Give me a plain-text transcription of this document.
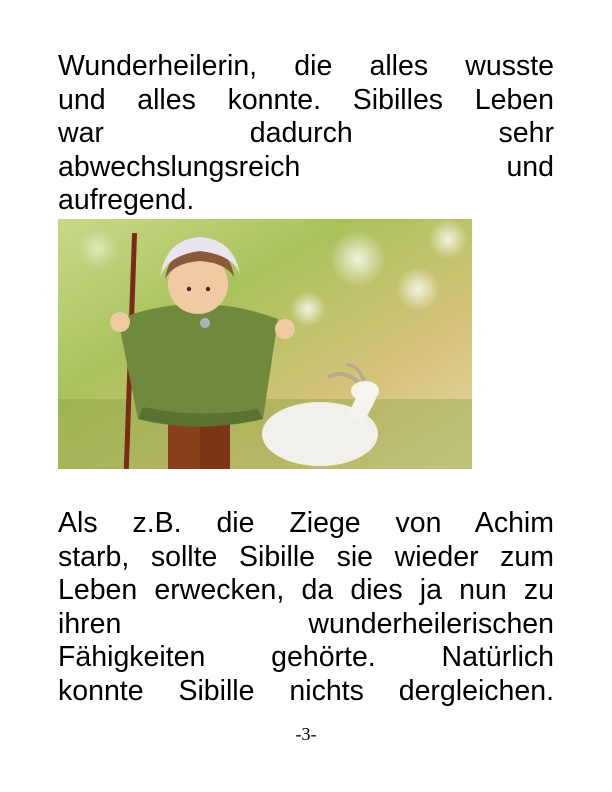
Wunderheilerin, die alles wusste
und alles konnte. Sibilles Leben
war dadurch sehr
abwechslungsreich und
aufregend.
Als z.B. die Ziege von Achim
starb, sollte Sibille sie wieder zum
Leben erwecken, da dies ja nun zu
ihren wunderheilerischen
Fähigkeiten gehörte. Natürlich
konnte Sibille nichts dergleichen.
-3-
